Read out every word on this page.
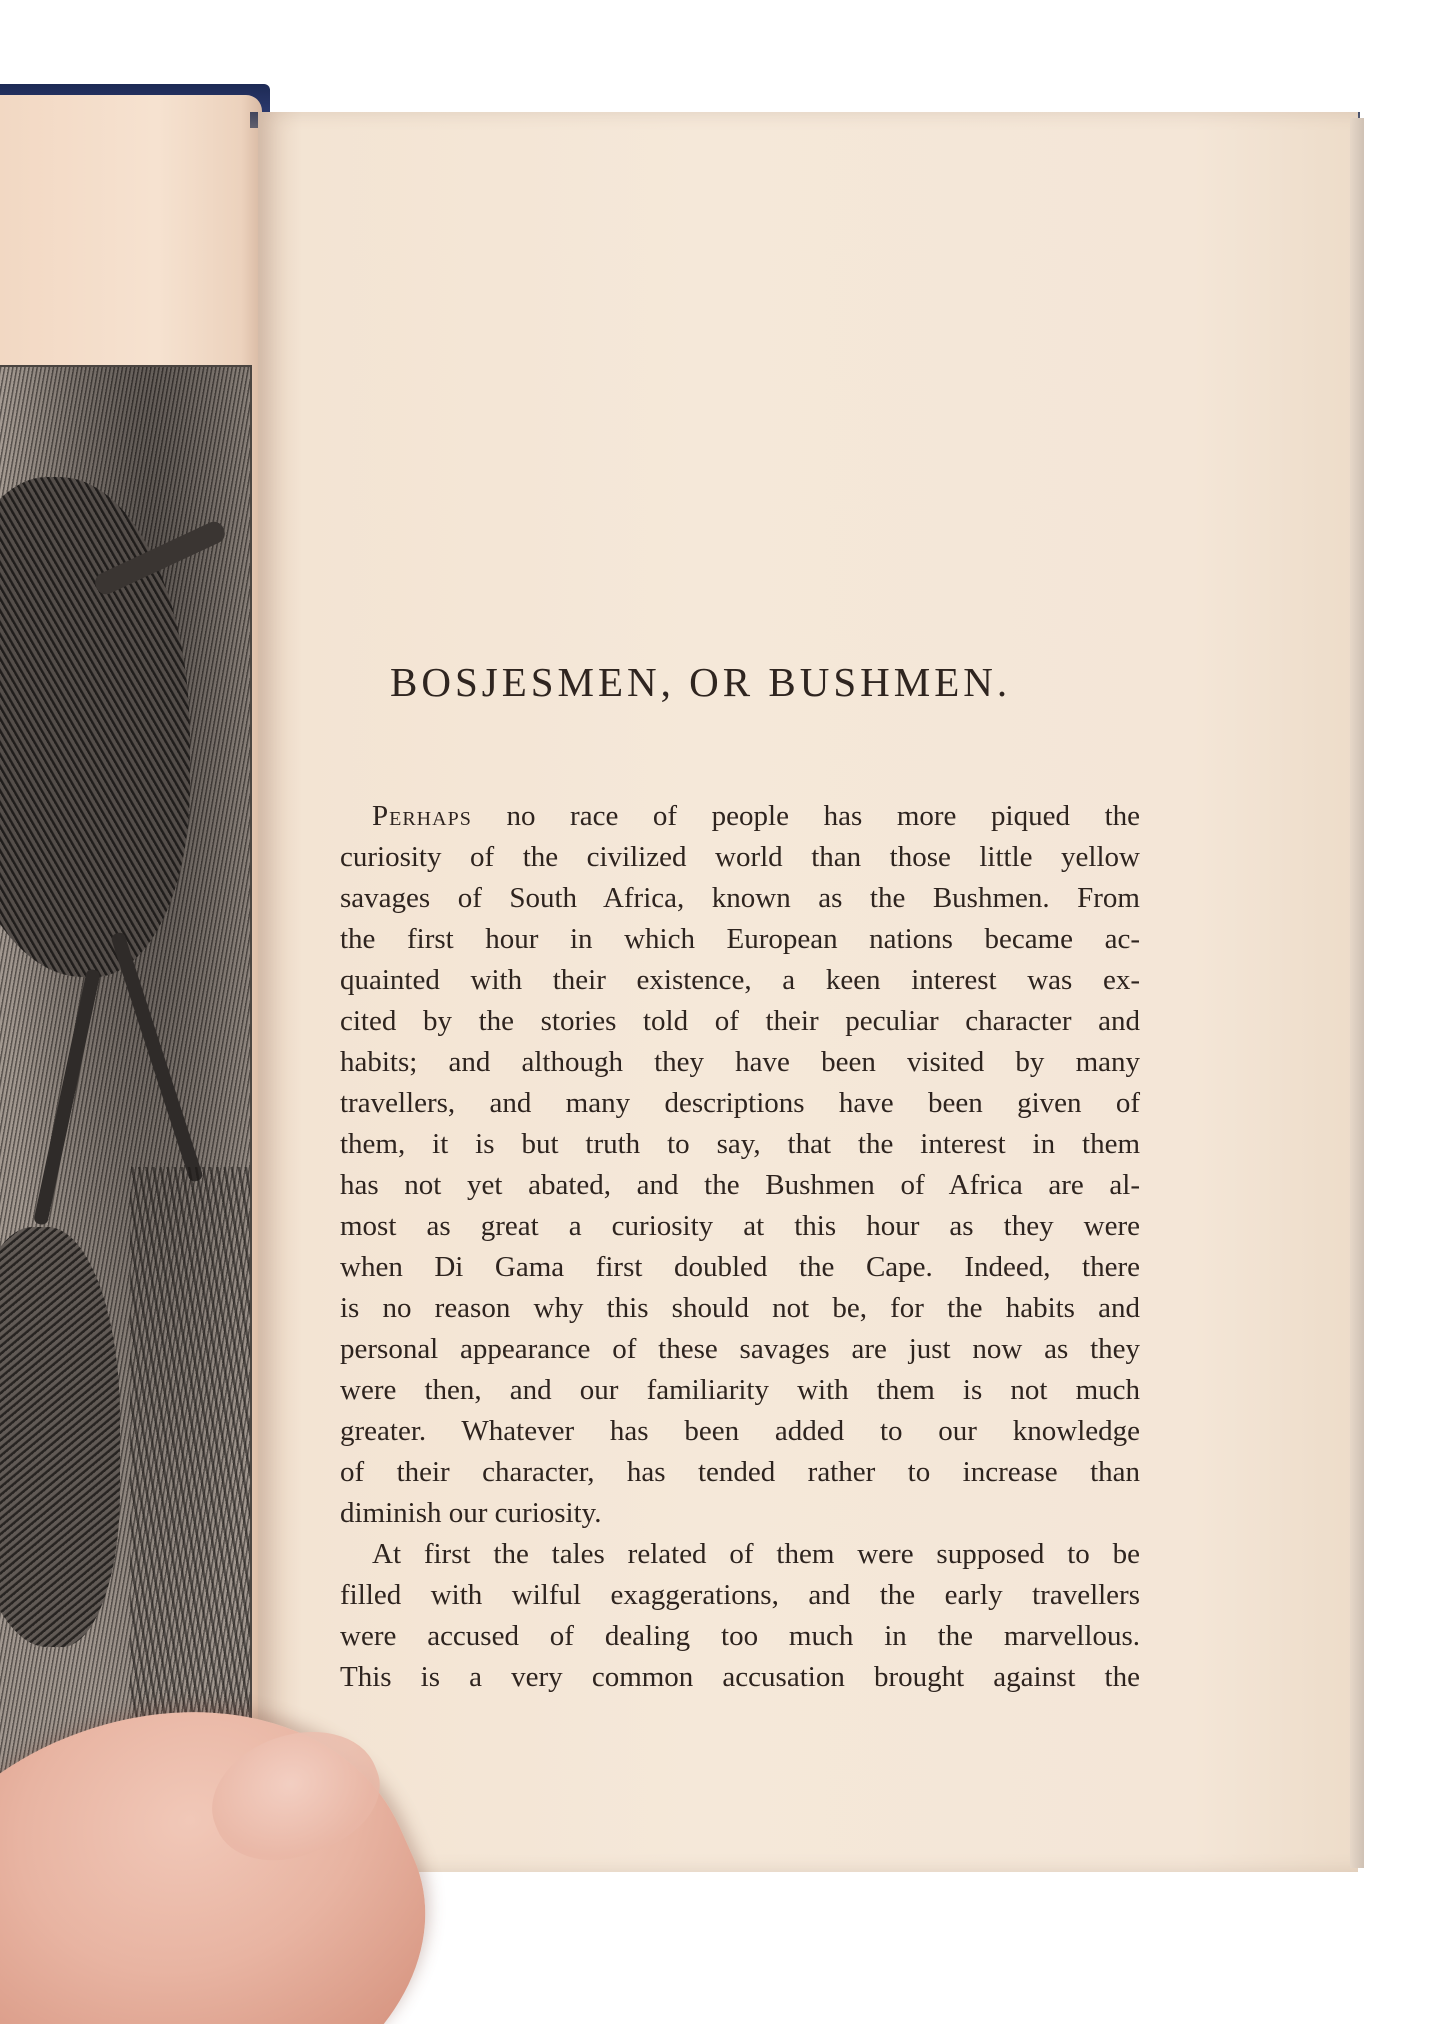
BOSJESMEN, OR BUSHMEN.

Perhaps no race of people has more piqued the

curiosity of the civilized world than those little yellow

savages of South Africa, known as the Bushmen. From

the first hour in which European nations became ac-

quainted with their existence, a keen interest was ex-

cited by the stories told of their peculiar character and

habits; and although they have been visited by many

travellers, and many descriptions have been given of

them, it is but truth to say, that the interest in them

has not yet abated, and the Bushmen of Africa are al-

most as great a curiosity at this hour as they were

when Di Gama first doubled the Cape. Indeed, there

is no reason why this should not be, for the habits and

personal appearance of these savages are just now as they

were then, and our familiarity with them is not much

greater. Whatever has been added to our knowledge

of their character, has tended rather to increase than

diminish our curiosity.

At first the tales related of them were supposed to be

filled with wilful exaggerations, and the early travellers

were accused of dealing too much in the marvellous.

This is a very common accusation brought against the
